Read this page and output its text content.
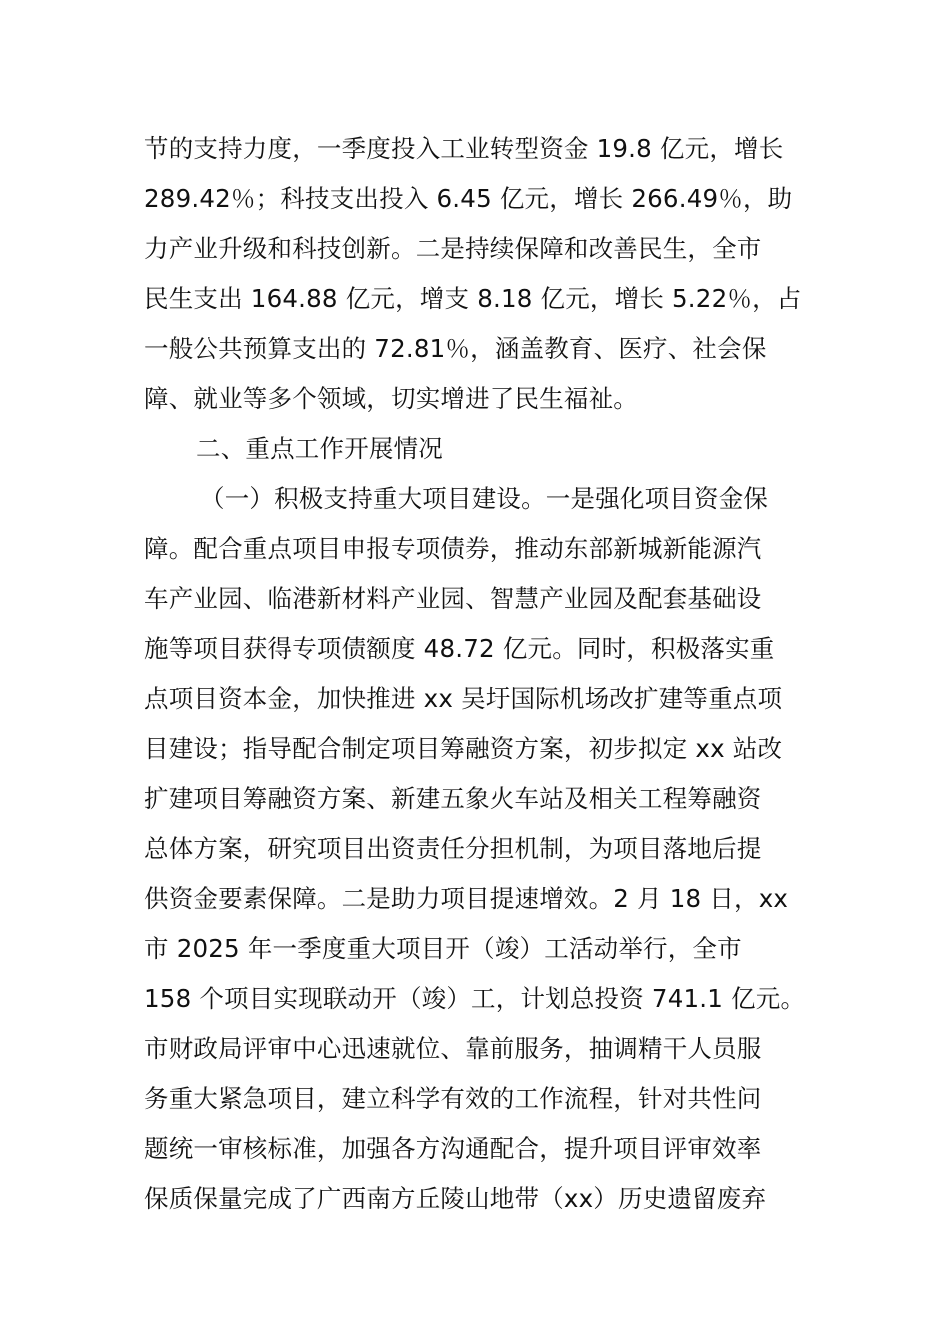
节的支持力度，一季度投入工业转型资金 19.8 亿元，增长
289.42％；科技支出投入 6.45 亿元，增长 266.49％，助
力产业升级和科技创新。二是持续保障和改善民生，全市
民生支出 164.88 亿元，增支 8.18 亿元，增长 5.22％，占
一般公共预算支出的 72.81％，涵盖教育、医疗、社会保
障、就业等多个领域，切实增进了民生福祉。
二、重点工作开展情况
（一）积极支持重大项目建设。一是强化项目资金保
障。配合重点项目申报专项债券，推动东部新城新能源汽
车产业园、临港新材料产业园、智慧产业园及配套基础设
施等项目获得专项债额度 48.72 亿元。同时，积极落实重
点项目资本金，加快推进 xx 吴圩国际机场改扩建等重点项
目建设；指导配合制定项目筹融资方案，初步拟定 xx 站改
扩建项目筹融资方案、新建五象火车站及相关工程筹融资
总体方案，研究项目出资责任分担机制，为项目落地后提
供资金要素保障。二是助力项目提速增效。2 月 18 日，xx
市 2025 年一季度重大项目开（竣）工活动举行，全市
158 个项目实现联动开（竣）工，计划总投资 741.1 亿元。
市财政局评审中心迅速就位、靠前服务，抽调精干人员服
务重大紧急项目，建立科学有效的工作流程，针对共性问
题统一审核标准，加强各方沟通配合，提升项目评审效率
保质保量完成了广西南方丘陵山地带（xx）历史遗留废弃
